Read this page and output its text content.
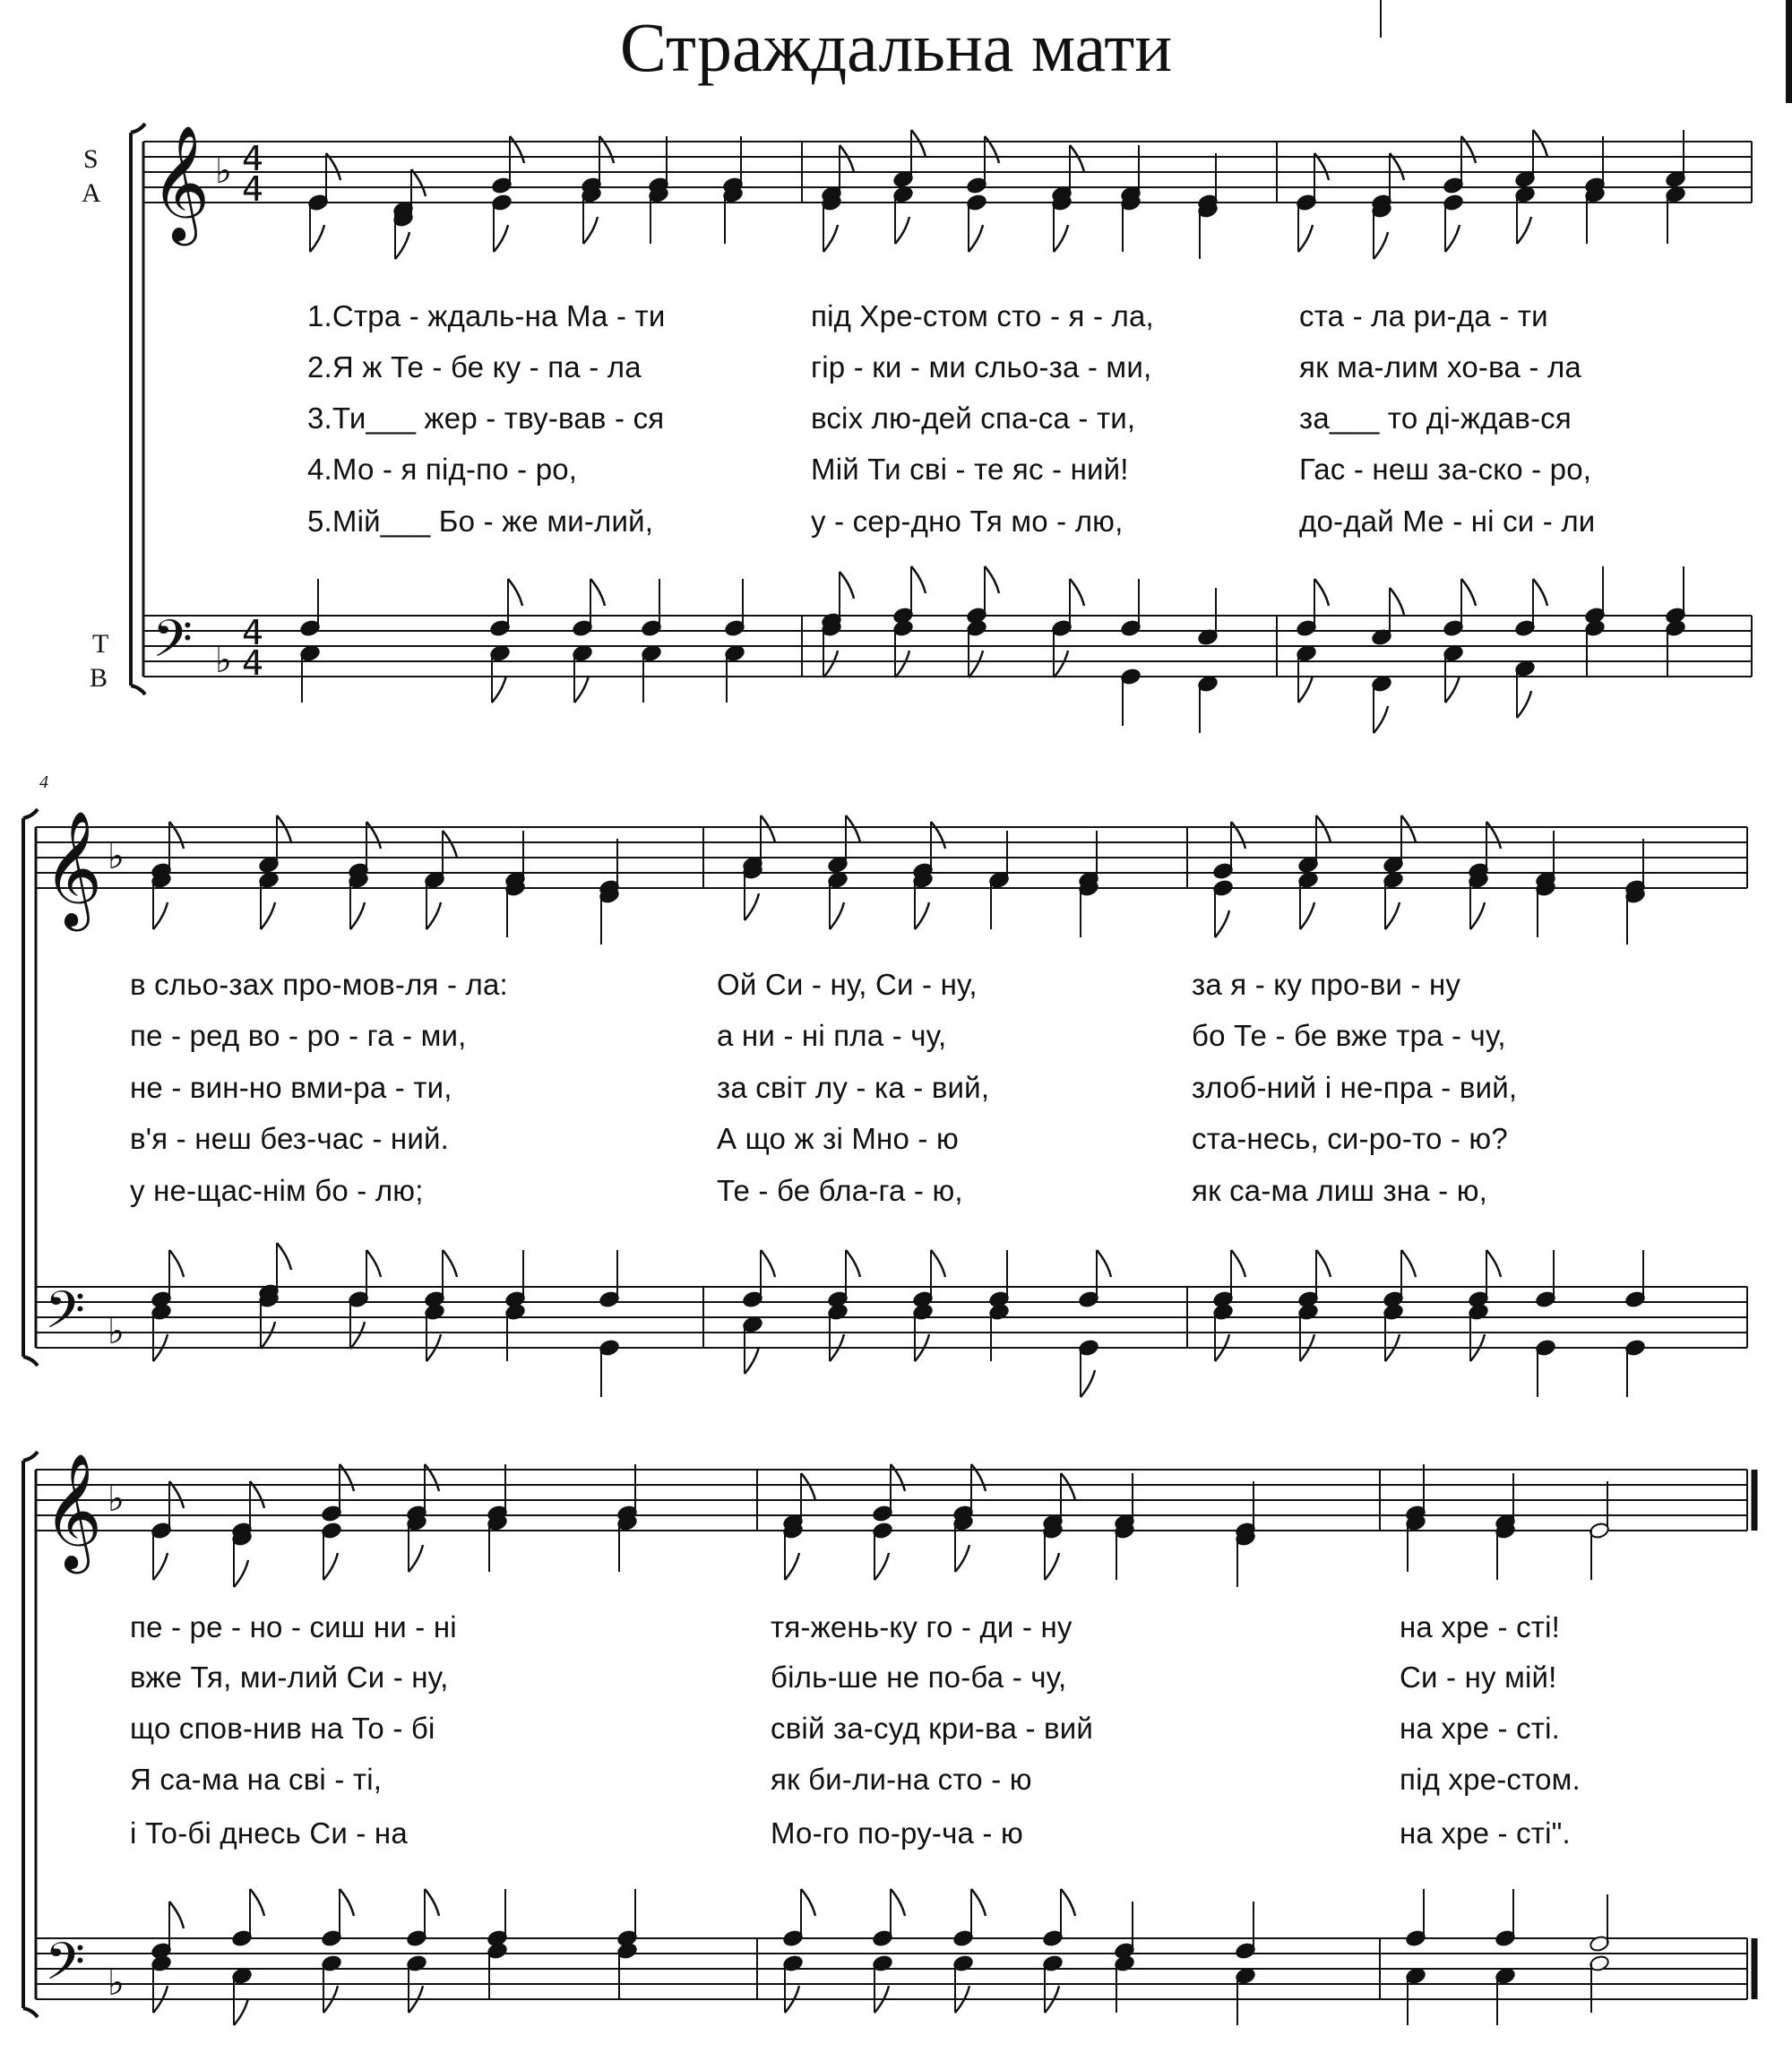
Страждальна мати
𝄞
𝄢
♭
♭
4
4
4
4
S
A
T
B
𝄞
𝄢
♭
♭
4
𝄞
𝄢
♭
♭
1.Стра - ждаль-на Ма - ти
2.Я ж Те - бе ку - па - ла
3.Ти___ жер - тву-вав - ся
4.Мо - я під-по - ро,
5.Мій___ Бо - же ми-лий,
під Хре-стом сто - я - ла,
гір - ки - ми сльо-за - ми,
всіх лю-дей спа-са - ти,
Мій Ти сві - те яс - ний!
у - сер-дно Тя мо - лю,
ста - ла ри-да - ти
як ма-лим хо-ва - ла
за___ то ді-ждав-ся
Гас - неш за-ско - ро,
до-дай Ме - ні си - ли
в сльо-зах про-мов-ля - ла:
пе - ред во - ро - га - ми,
не - вин-но вми-ра - ти,
в'я - неш без-час - ний.
у не-щас-нім бо - лю;
Ой Си - ну, Си - ну,
а ни - ні пла - чу,
за світ лу - ка - вий,
А що ж зі Мно - ю
Те - бе бла-га - ю,
за я - ку про-ви - ну
бо Те - бе вже тра - чу,
злоб-ний і не-пра - вий,
ста-несь, си-ро-то - ю?
як са-ма лиш зна - ю,
пе - ре - но - сиш ни - ні
вже Тя, ми-лий Си - ну,
що спов-нив на То - бі
Я са-ма на сві - ті,
і То-бі днесь Си - на
тя-жень-ку го - ди - ну
біль-ше не по-ба - чу,
свій за-суд кри-ва - вий
як би-ли-на сто - ю
Мо-го по-ру-ча - ю
на хре - сті!
Си - ну мій!
на хре - сті.
під хре-стом.
на хре - сті".
